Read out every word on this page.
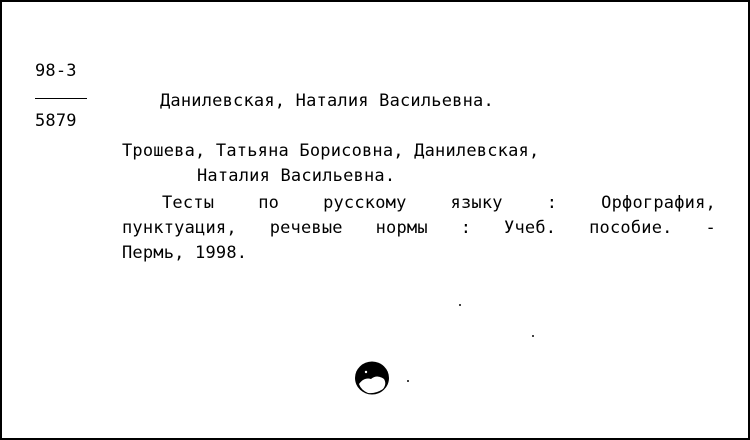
98-3
5879
Данилевская, Наталия Васильевна.
Трошева, Татьяна Борисовна, Данилевская,
Наталия Васильевна.
Тесты	по	русскому	языку	:	Орфография,
пунктуация, речевые нормы : Учеб. пособие. -
Пермь, 1998.
